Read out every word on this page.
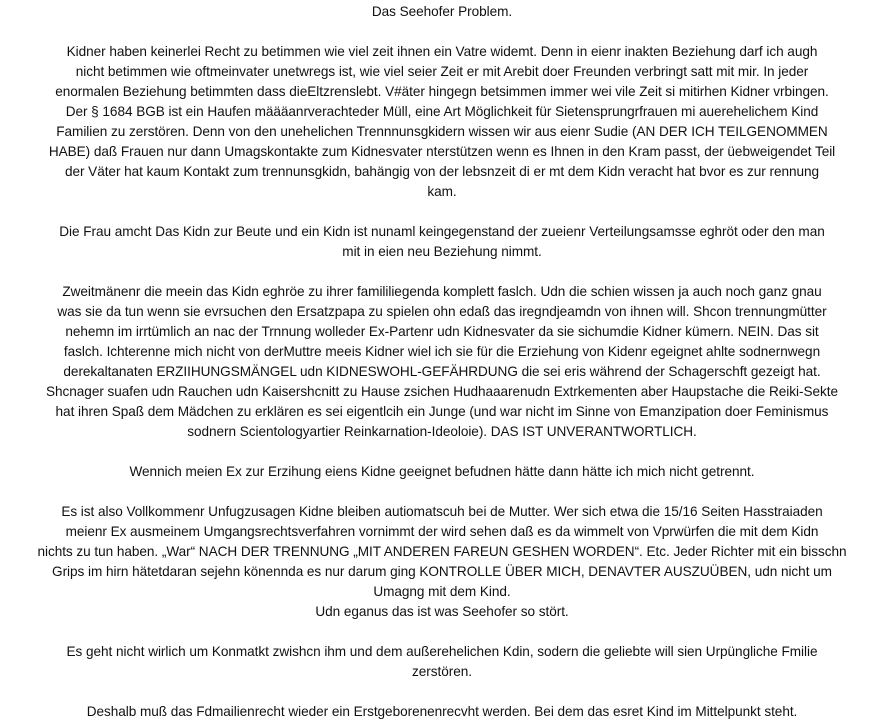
Das Seehofer Problem.

Kidner haben keinerlei Recht zu betimmen wie viel zeit ihnen ein Vatre widemt. Denn in eienr inakten Beziehung darf ich augh
nicht betimmen wie oftmeinvater unetwregs ist, wie viel seier Zeit er mit Arebit doer Freunden verbringt satt mit mir. In jeder
enormalen Beziehung betimmten dass dieEltzrenslebt. V#äter hingegn betsimmen immer wei vile Zeit si mitirhen Kidner vrbingen.
Der § 1684 BGB ist ein Haufen määäanrverachteder Müll, eine Art Möglichkeit für Sietensprungrfrauen mi auerehelichem Kind
Familien zu zerstören. Denn von den unehelichen Trennnunsgkidern wissen wir aus eienr Sudie (AN DER ICH TEILGENOMMEN
HABE) daß Frauen nur dann Umagskontakte zum Kidnesvater nterstützen wenn es Ihnen in den Kram passt, der üebweigendet Teil
der Väter hat kaum Kontakt zum trennunsgkidn, bahängig von der lebsnzeit di er mt dem Kidn veracht hat bvor es zur rennung
kam.

Die Frau amcht Das Kidn zur Beute und ein Kidn ist nunaml keingegenstand der zueienr Verteilungsamsse eghröt oder den man
mit in eien neu Beziehung nimmt.

Zweitmänenr die meein das Kidn eghröe zu ihrer famililiegenda komplett faslch. Udn die schien wissen ja auch noch ganz gnau
was sie da tun wenn sie evrsuchen den Ersatzpapa zu spielen ohn edaß das iregndjeamdn von ihnen will. Shcon trennungmütter
nehemn im irrtümlich an nac der Trnnung wolleder Ex-Partenr udn Kidnesvater da sie sichumdie Kidner kümern. NEIN. Das sit
faslch. Ichterenne mich nicht von derMuttre meeis Kidner wiel ich sie für die Erziehung von Kidenr egeignet ahlte sodnernwegn
derekaltanaten ERZIIHUNGSMÄNGEL udn KIDNESWOHL-GEFÄHRDUNG die sei eris während der Schagerschft gezeigt hat.
Shcnager suafen udn Rauchen udn Kaisershcnitt zu Hause zsichen Hudhaaarenudn Extrkementen aber Haupstache die Reiki-Sekte
hat ihren Spaß dem Mädchen zu erklären es sei eigentlcih ein Junge (und war nicht im Sinne von Emanzipation doer Feminismus
sodnern Scientologyartier Reinkarnation-Ideoloie). DAS IST UNVERANTWORTLICH.

Wennich meien Ex zur Erzihung eiens Kidne geeignet befudnen hätte dann hätte ich mich nicht getrennt.

Es ist also Vollkommenr Unfugzusagen Kidne bleiben autiomatscuh bei de Mutter. Wer sich etwa die 15/16 Seiten Hasstraiaden
meienr Ex ausmeinem Umgangsrechtsverfahren vornimmt der wird sehen daß es da wimmelt von Vprwürfen die mit dem Kidn
nichts zu tun haben. „War“ NACH DER TRENNUNG „MIT ANDEREN FAREUN GESHEN WORDEN“. Etc. Jeder Richter mit ein bisschn
Grips im hirn hätetdaran sejehn könennda es nur darum ging KONTROLLE ÜBER MICH, DENAVTER AUSZUÜBEN, udn nicht um
Umagng mit dem Kind.
Udn eganus das ist was Seehofer so stört.

Es geht nicht wirlich um Konmatkt zwishcn ihm und dem außerehelichen Kdin, sodern die geliebte will sien Urpüngliche Fmilie
zerstören.

Deshalb muß das Fdmailienrecht wieder ein Erstgeborenenrecvht werden. Bei dem das esret Kind im Mittelpunkt steht.
